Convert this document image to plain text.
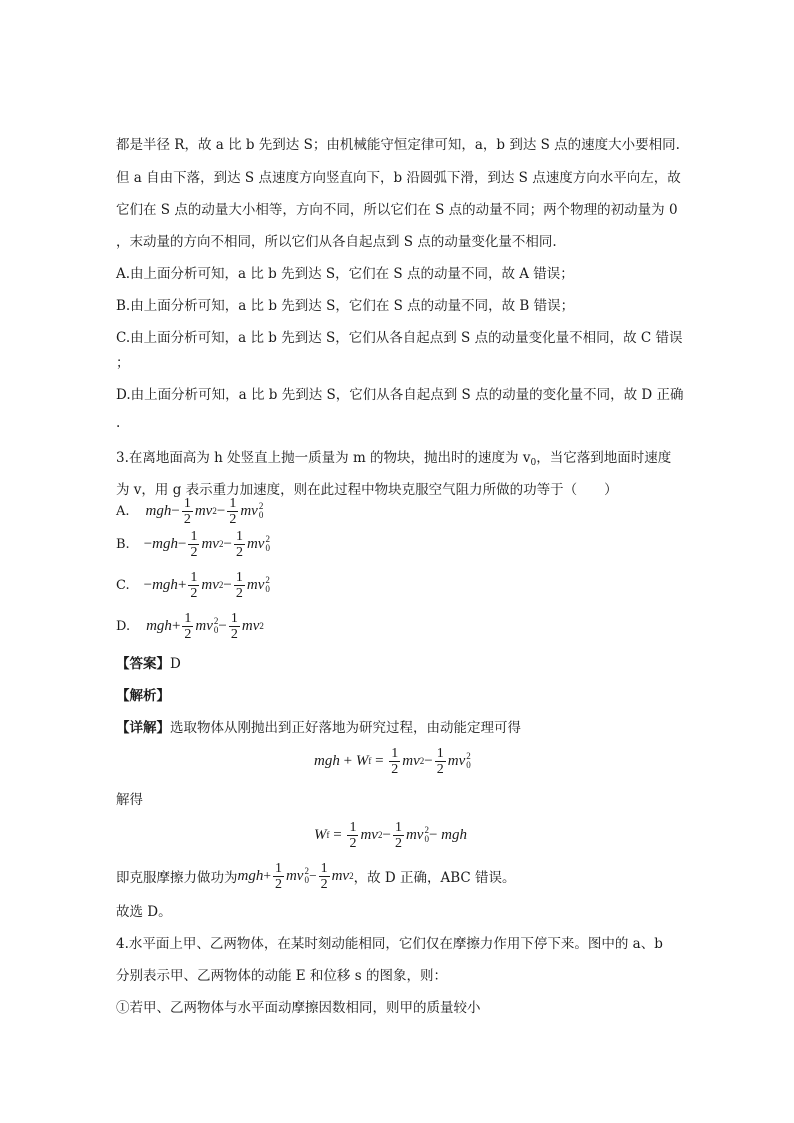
都是半径 R，故 a 比 b 先到达 S；由机械能守恒定律可知，a，b 到达 S 点的速度大小要相同.
但 a 自由下落，到达 S 点速度方向竖直向下，b 沿圆弧下滑，到达 S 点速度方向水平向左，故
它们在 S 点的动量大小相等，方向不同，所以它们在 S 点的动量不同；两个物理的初动量为 0
，末动量的方向不相同，所以它们从各自起点到 S 点的动量变化量不相同.
A.由上面分析可知，a 比 b 先到达 S，它们在 S 点的动量不同，故 A 错误；
B.由上面分析可知，a 比 b 先到达 S，它们在 S 点的动量不同，故 B 错误；
C.由上面分析可知，a 比 b 先到达 S，它们从各自起点到 S 点的动量变化量不相同，故 C 错误
；
D.由上面分析可知，a 比 b 先到达 S，它们从各自起点到 S 点的动量的变化量不同，故 D 正确
.
3.在离地面高为 h 处竖直上抛一质量为 m 的物块，抛出时的速度为 $v_0$，当它落到地面时速度
为 v，用 g 表示重力加速度，则在此过程中物块克服空气阻力所做的功等于（　　）
A. mgh − $\frac{1}{2}$ mv $2 - \frac{1}{2}$ mv 2
0
B. − mgh − $\frac{1}{2}$ mv $2 - \frac{1}{2}$ mv 2
0
C. − mgh + $\frac{1}{2}$ mv $2 - \frac{1}{2}$ mv 2
0
D. mgh + $\frac{1}{2}$ mv 2
$0 - \frac{1}{2}$ mv 2
【答案】D
【解析】
【详解】选取物体从刚抛出到正好落地为研究过程，由动能定理可得
mgh + W $f = \frac{1}{2}$ mv $2 - \frac{1}{2}$ mv 2
0
解得
W $f = \frac{1}{2}$ mv $2 - \frac{1}{2}$ mv 2
0 − mgh
即克服摩擦力做功为 mgh + $\frac{1}{2}$ mv 2
$0 - \frac{1}{2}$ mv 2 ，故 D 正确，ABC 错误。
故选 D。
4.水平面上甲、乙两物体，在某时刻动能相同，它们仅在摩擦力作用下停下来。图中的 a、b
分别表示甲、乙两物体的动能 E 和位移 s 的图象，则：
①若甲、乙两物体与水平面动摩擦因数相同，则甲的质量较小
